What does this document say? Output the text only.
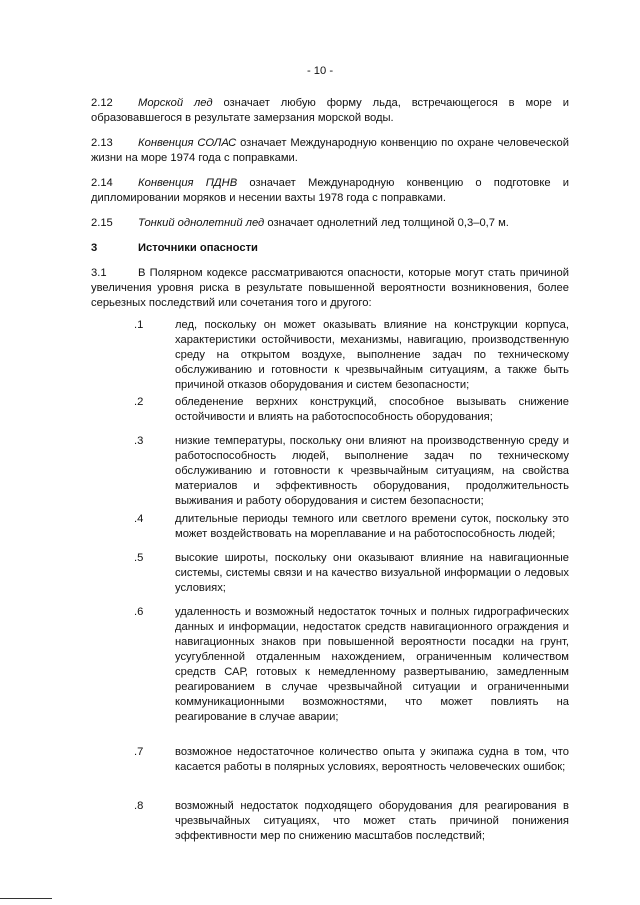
- 10 -
2.12 Морской лед означает любую форму льда, встречающегося в море и образовавшегося в результате замерзания морской воды.
2.13 Конвенция СОЛАС означает Международную конвенцию по охране человеческой жизни на море 1974 года с поправками.
2.14 Конвенция ПДНВ означает Международную конвенцию о подготовке и дипломировании моряков и несении вахты 1978 года с поправками.
2.15 Тонкий однолетний лед означает однолетний лед толщиной 0,3–0,7 м.
3	Источники опасности
3.1	В Полярном кодексе рассматриваются опасности, которые могут стать причиной увеличения уровня риска в результате повышенной вероятности возникновения, более серьезных последствий или сочетания того и другого:
.1	лед, поскольку он может оказывать влияние на конструкции корпуса, характеристики остойчивости, механизмы, навигацию, производственную среду на открытом воздухе, выполнение задач по техническому обслуживанию и готовности к чрезвычайным ситуациям, а также быть причиной отказов оборудования и систем безопасности;
.2	обледенение верхних конструкций, способное вызывать снижение остойчивости и влиять на работоспособность оборудования;
.3	низкие температуры, поскольку они влияют на производственную среду и работоспособность людей, выполнение задач по техническому обслуживанию и готовности к чрезвычайным ситуациям, на свойства материалов и эффективность оборудования, продолжительность выживания и работу оборудования и систем безопасности;
.4	длительные периоды темного или светлого времени суток, поскольку это может воздействовать на мореплавание и на работоспособность людей;
.5	высокие широты, поскольку они оказывают влияние на навигационные системы, системы связи и на качество визуальной информации о ледовых условиях;
.6	удаленность и возможный недостаток точных и полных гидрографических данных и информации, недостаток средств навигационного ограждения и навигационных знаков при повышенной вероятности посадки на грунт, усугубленной отдаленным нахождением, ограниченным количеством средств САР, готовых к немедленному развертыванию, замедленным реагированием в случае чрезвычайной ситуации и ограниченными коммуникационными возможностями, что может повлиять на реагирование в случае аварии;
.7	возможное недостаточное количество опыта у экипажа судна в том, что касается работы в полярных условиях, вероятность человеческих ошибок;
.8	возможный недостаток подходящего оборудования для реагирования в чрезвычайных ситуациях, что может стать причиной понижения эффективности мер по снижению масштабов последствий;
